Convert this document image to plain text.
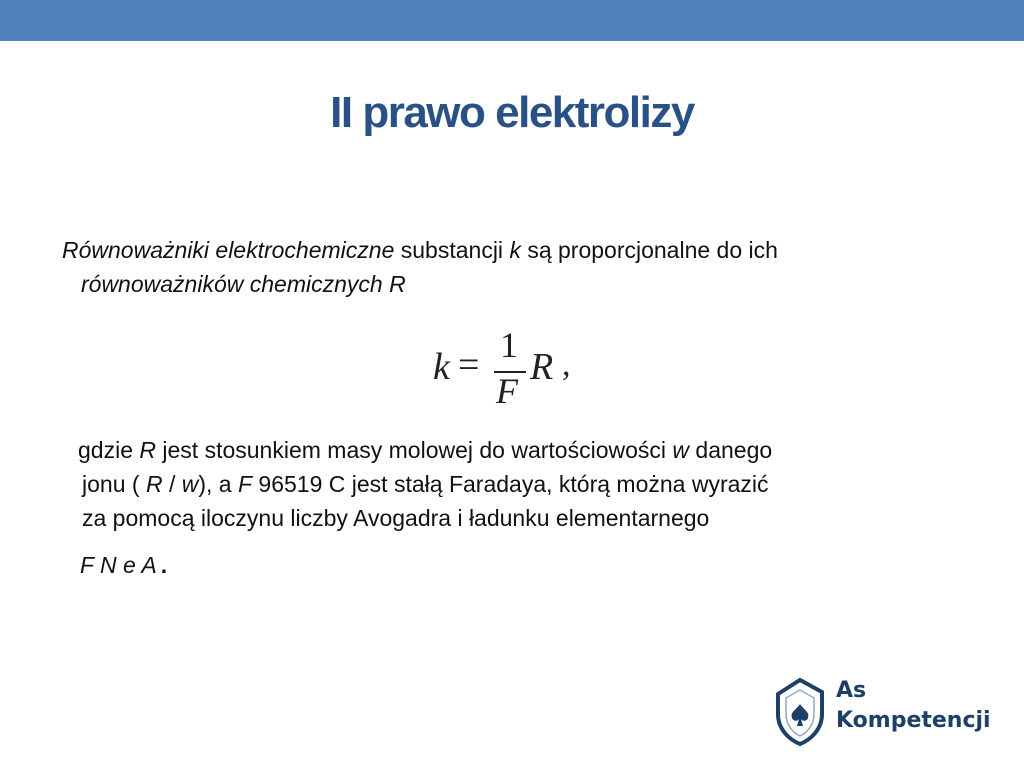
II prawo elektrolizy
Równoważniki elektrochemiczne substancji k są proporcjonalne do ich
równoważników chemicznych R
k = 1
F
R ,
gdzie R jest stosunkiem masy molowej do wartościowości w danego
jonu ( R / w), a F 96519 C jest stałą Faradaya, którą można wyrazić
za pomocą iloczynu liczby Avogadra i ładunku elementarnego
F N e A .
As
Kompetencji
